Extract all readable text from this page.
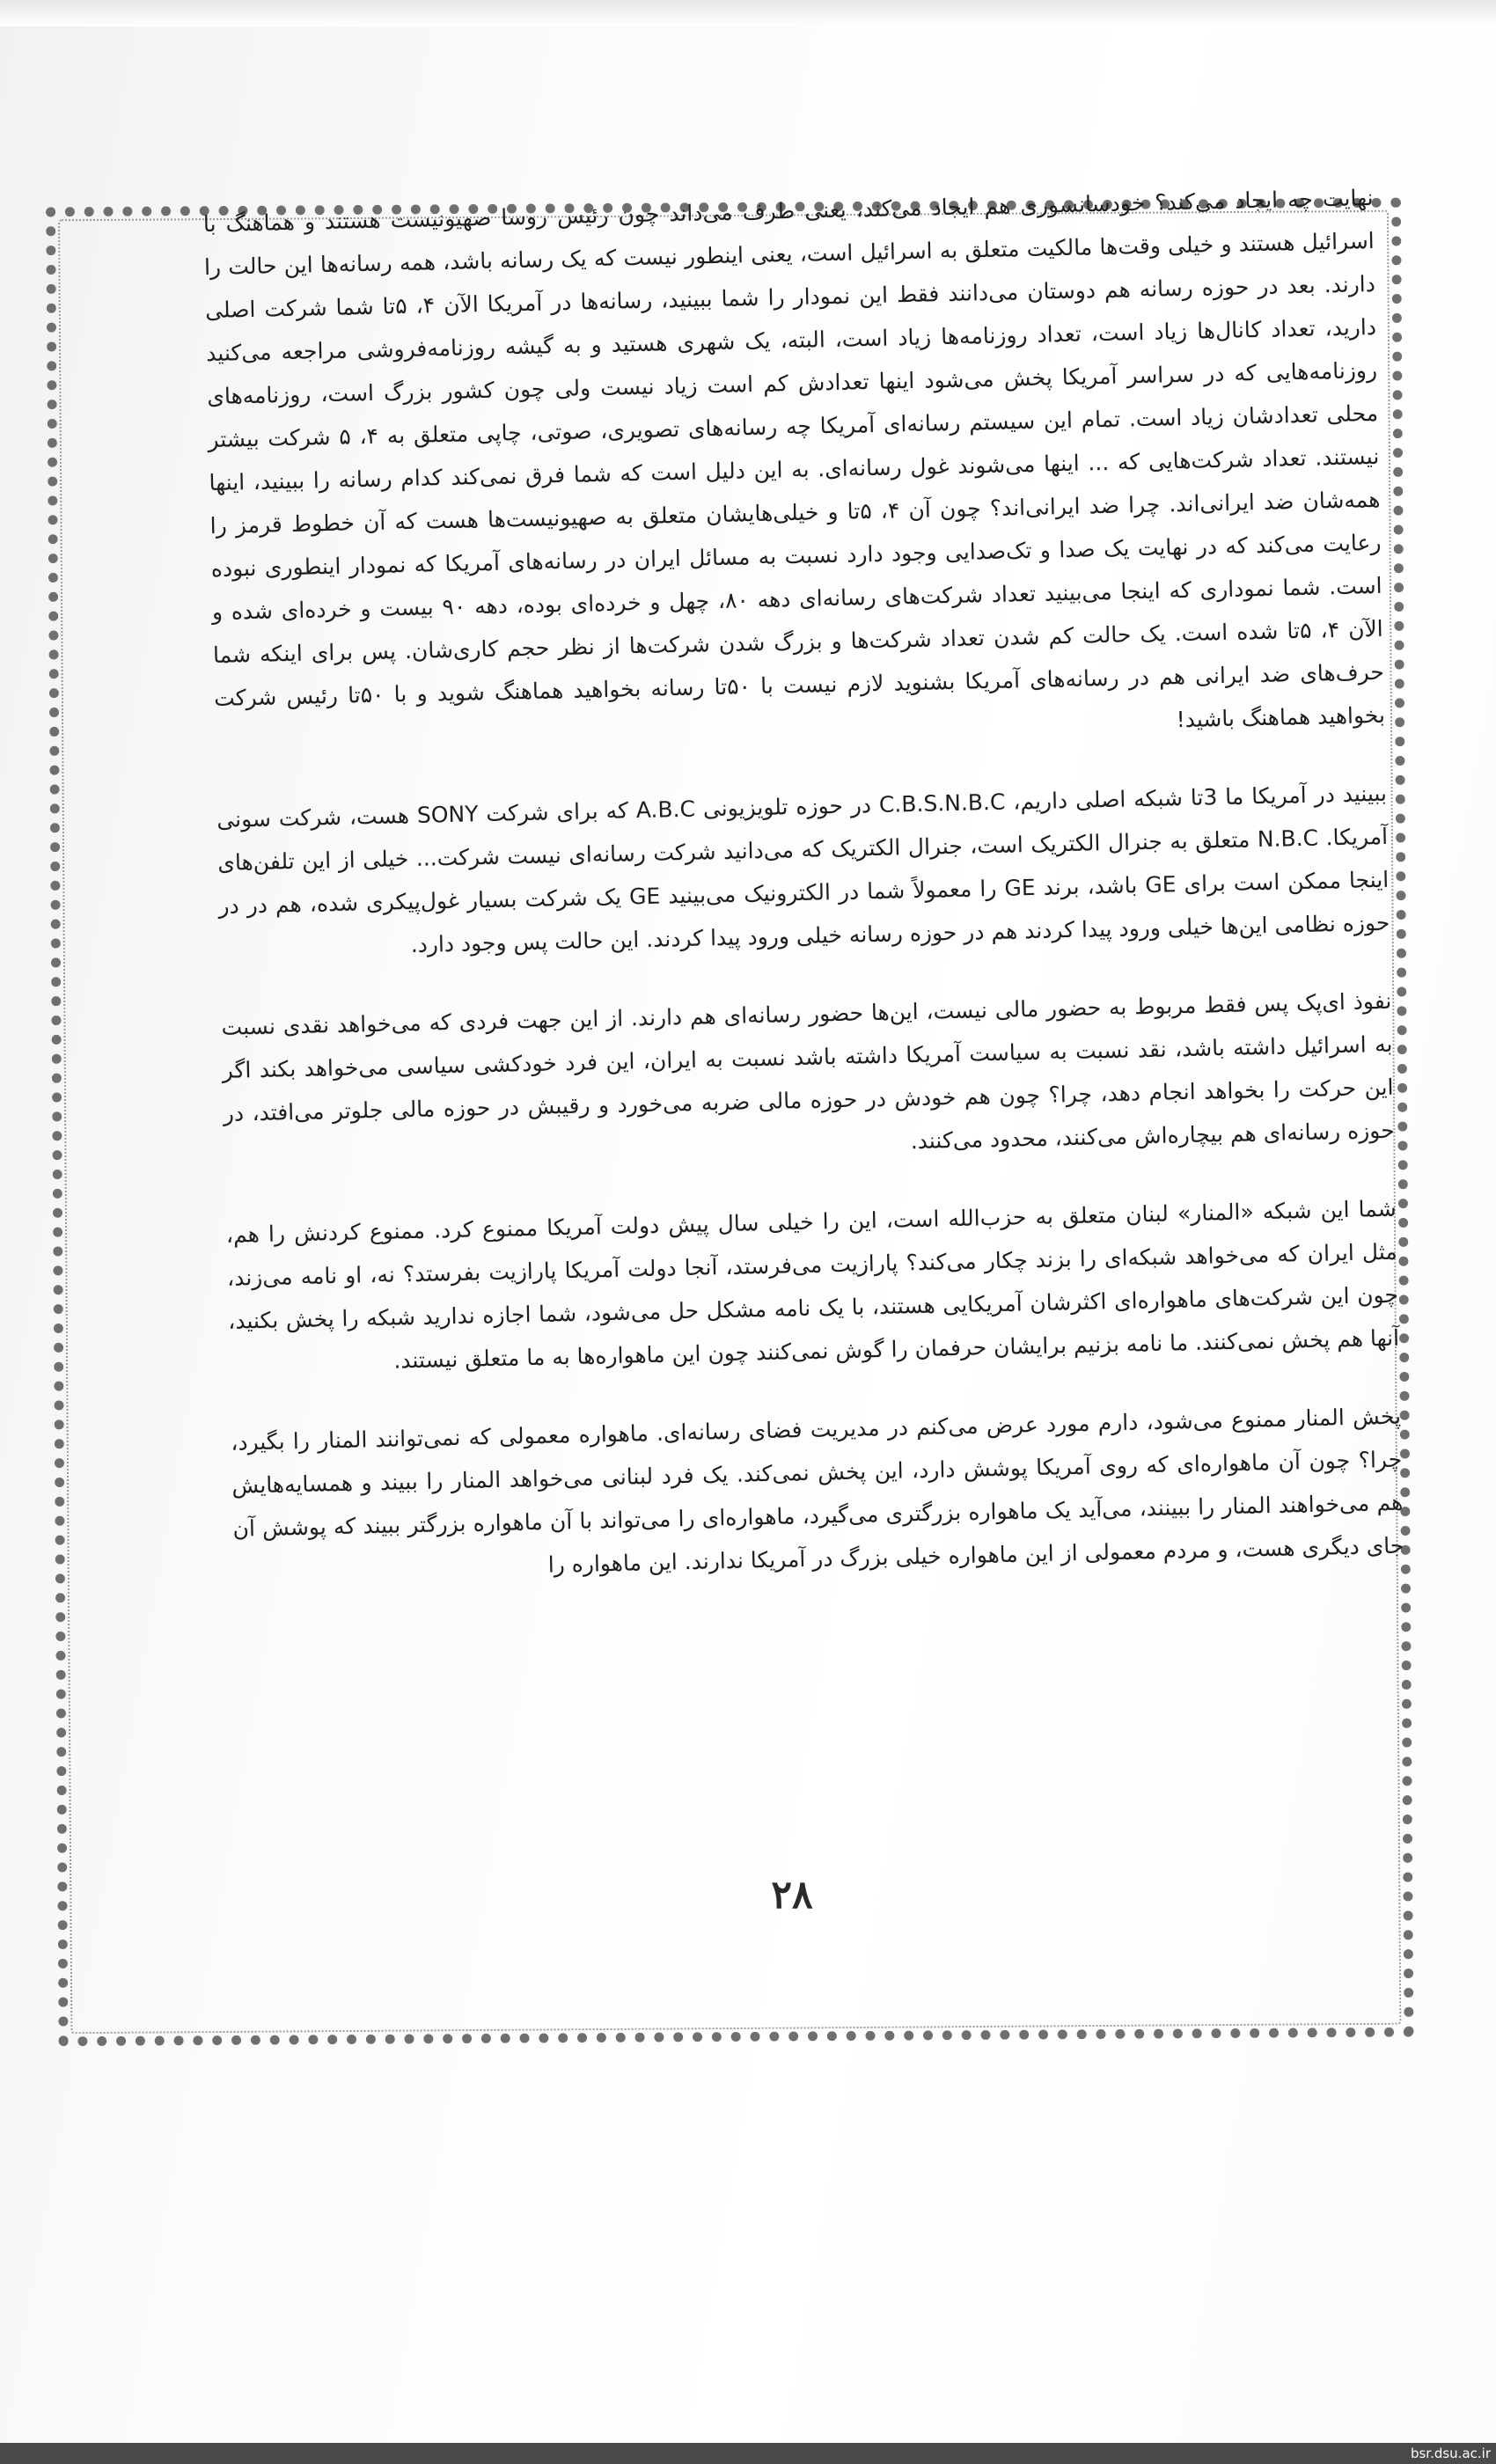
نهایت چه ایجاد می‌کند؟ خودسانسوری هم ایجاد می‌کند، یعنی طرف می‌داند چون رئیس روسا صهیونیست هستند و هماهنگ با اسرائیل هستند و خیلی وقت‌ها مالکیت متعلق به اسرائیل است، یعنی اینطور نیست که یک رسانه باشد، همه رسانه‌ها این حالت را دارند. بعد در حوزه رسانه هم دوستان می‌دانند فقط این نمودار را شما ببینید، رسانه‌ها در آمریکا الآن ۴، ۵تا شما شرکت اصلی دارید، تعداد کانال‌ها زیاد است، تعداد روزنامه‌ها زیاد است، البته، یک شهری هستید و به گیشه روزنامه‌فروشی مراجعه می‌کنید روزنامه‌هایی که در سراسر آمریکا پخش می‌شود اینها تعدادش کم است زیاد نیست ولی چون کشور بزرگ است، روزنامه‌های محلی تعدادشان زیاد است. تمام این سیستم رسانه‌ای آمریکا چه رسانه‌های تصویری، صوتی، چاپی متعلق به ۴، ۵ شرکت بیشتر نیستند. تعداد شرکت‌هایی که ... اینها می‌شوند غول رسانه‌ای. به این دلیل است که شما فرق نمی‌کند کدام رسانه را ببینید، اینها همه‌شان ضد ایرانی‌اند. چرا ضد ایرانی‌اند؟ چون آن ۴، ۵تا و خیلی‌هایشان متعلق به صهیونیست‌ها هست که آن خطوط قرمز را رعایت می‌کند که در نهایت یک صدا و تک‌صدایی وجود دارد نسبت به مسائل ایران در رسانه‌های آمریکا که نمودار اینطوری نبوده است. شما نموداری که اینجا می‌بینید تعداد شرکت‌های رسانه‌ای دهه ۸۰، چهل و خرده‌ای بوده، دهه ۹۰ بیست و خرده‌ای شده و الآن ۴، ۵تا شده است. یک حالت کم شدن تعداد شرکت‌ها و بزرگ شدن شرکت‌ها از نظر حجم کاری‌شان. پس برای اینکه شما حرف‌های ضد ایرانی هم در رسانه‌های آمریکا بشنوید لازم نیست با ۵۰تا رسانه بخواهید هماهنگ شوید و با ۵۰تا رئیس شرکت بخواهید هماهنگ باشید!

ببینید در آمریکا ما 3تا شبکه اصلی داریم، C.B.S.N.B.C در حوزه تلویزیونی A.B.C که برای شرکت SONY هست، شرکت سونی آمریکا. N.B.C متعلق به جنرال الکتریک است، جنرال الکتریک که می‌دانید شرکت رسانه‌ای نیست شرکت... خیلی از این تلفن‌های اینجا ممکن است برای GE باشد، برند GE را معمولاً شما در الکترونیک می‌بینید GE یک شرکت بسیار غول‌پیکری شده، هم در در حوزه نظامی این‌ها خیلی ورود پیدا کردند هم در حوزه رسانه خیلی ورود پیدا کردند. این حالت پس وجود دارد.

نفوذ ای‌پک پس فقط مربوط به حضور مالی نیست، این‌ها حضور رسانه‌ای هم دارند. از این جهت فردی که می‌خواهد نقدی نسبت به اسرائیل داشته باشد، نقد نسبت به سیاست آمریکا داشته باشد نسبت به ایران، این فرد خودکشی سیاسی می‌خواهد بکند اگر این حرکت را بخواهد انجام دهد، چرا؟ چون هم خودش در حوزه مالی ضربه می‌خورد و رقیبش در حوزه مالی جلوتر می‌افتد، در حوزه رسانه‌ای هم بیچاره‌اش می‌کنند، محدود می‌کنند.

شما این شبکه «المنار» لبنان متعلق به حزب‌الله است، این را خیلی سال پیش دولت آمریکا ممنوع کرد. ممنوع کردنش را هم، مثل ایران که می‌خواهد شبکه‌ای را بزند چکار می‌کند؟ پارازیت می‌فرستد، آنجا دولت آمریکا پارازیت بفرستد؟ نه، او نامه می‌زند، چون این شرکت‌های ماهواره‌ای اکثرشان آمریکایی هستند، با یک نامه مشکل حل می‌شود، شما اجازه ندارید شبکه را پخش بکنید، آنها هم پخش نمی‌کنند. ما نامه بزنیم برایشان حرفمان را گوش نمی‌کنند چون این ماهواره‌ها به ما متعلق نیستند.

پخش المنار ممنوع می‌شود، دارم مورد عرض می‌کنم در مدیریت فضای رسانه‌ای. ماهواره معمولی که نمی‌توانند المنار را بگیرد، چرا؟ چون آن ماهواره‌ای که روی آمریکا پوشش دارد، این پخش نمی‌کند. یک فرد لبنانی می‌خواهد المنار را ببیند و همسایه‌هایش هم می‌خواهند المنار را ببینند، می‌آید یک ماهواره بزرگتری می‌گیرد، ماهواره‌ای را می‌تواند با آن ماهواره بزرگتر ببیند که پوشش آن جای دیگری هست، و مردم معمولی از این ماهواره خیلی بزرگ در آمریکا ندارند. این ماهواره را

۲۸
bsr.dsu.ac.ir
